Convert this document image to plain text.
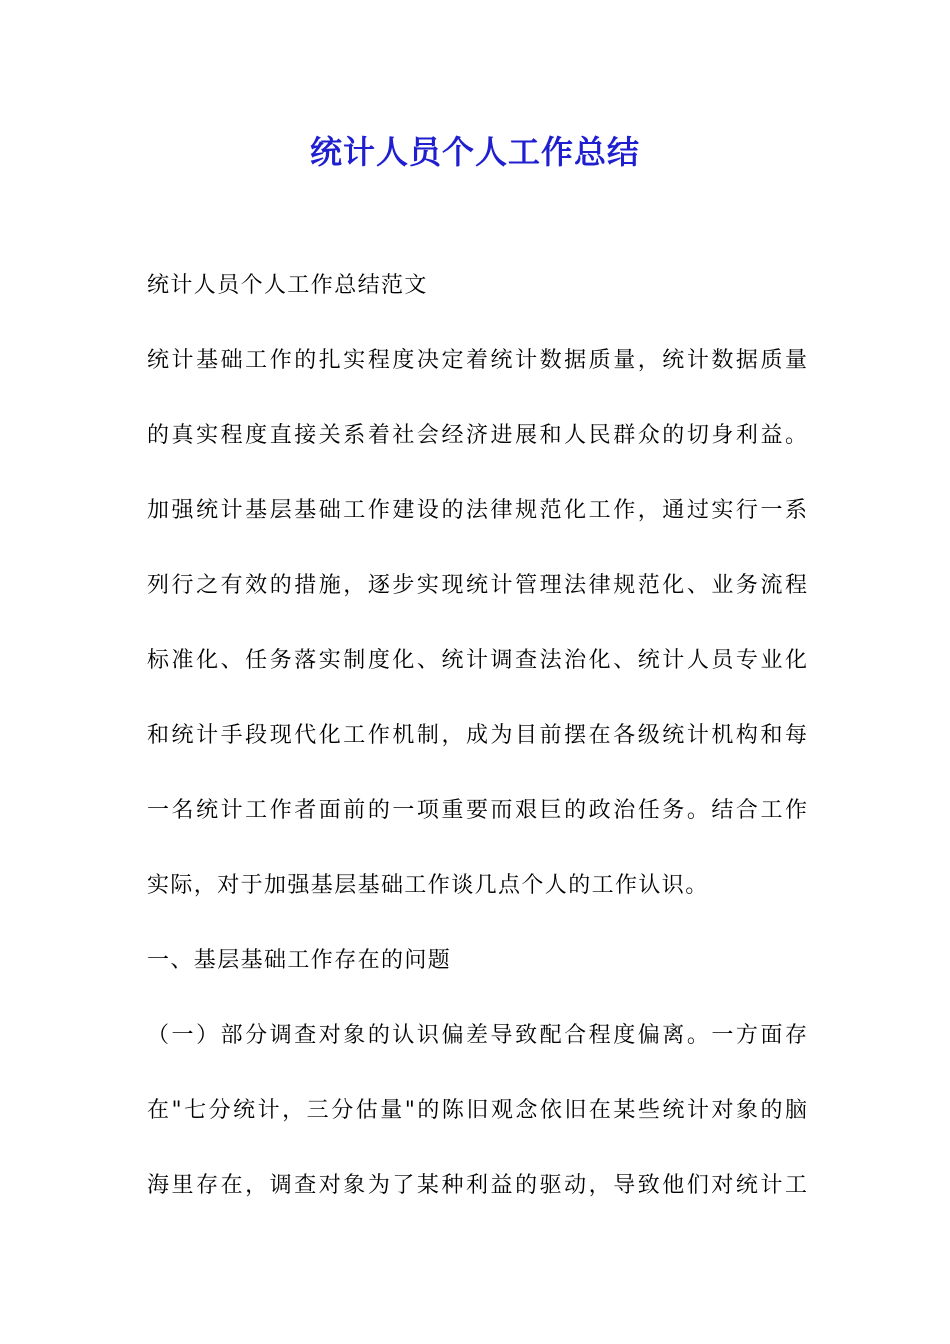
统计人员个人工作总结
统计人员个人工作总结范文
统计基础工作的扎实程度决定着统计数据质量，统计数据质量
的真实程度直接关系着社会经济进展和人民群众的切身利益。
加强统计基层基础工作建设的法律规范化工作，通过实行一系
列行之有效的措施，逐步实现统计管理法律规范化、业务流程
标准化、任务落实制度化、统计调查法治化、统计人员专业化
和统计手段现代化工作机制，成为目前摆在各级统计机构和每
一名统计工作者面前的一项重要而艰巨的政治任务。结合工作
实际，对于加强基层基础工作谈几点个人的工作认识。
一、基层基础工作存在的问题
（一）部分调查对象的认识偏差导致配合程度偏离。一方面存
在"七分统计，三分估量"的陈旧观念依旧在某些统计对象的脑
海里存在，调查对象为了某种利益的驱动，导致他们对统计工
